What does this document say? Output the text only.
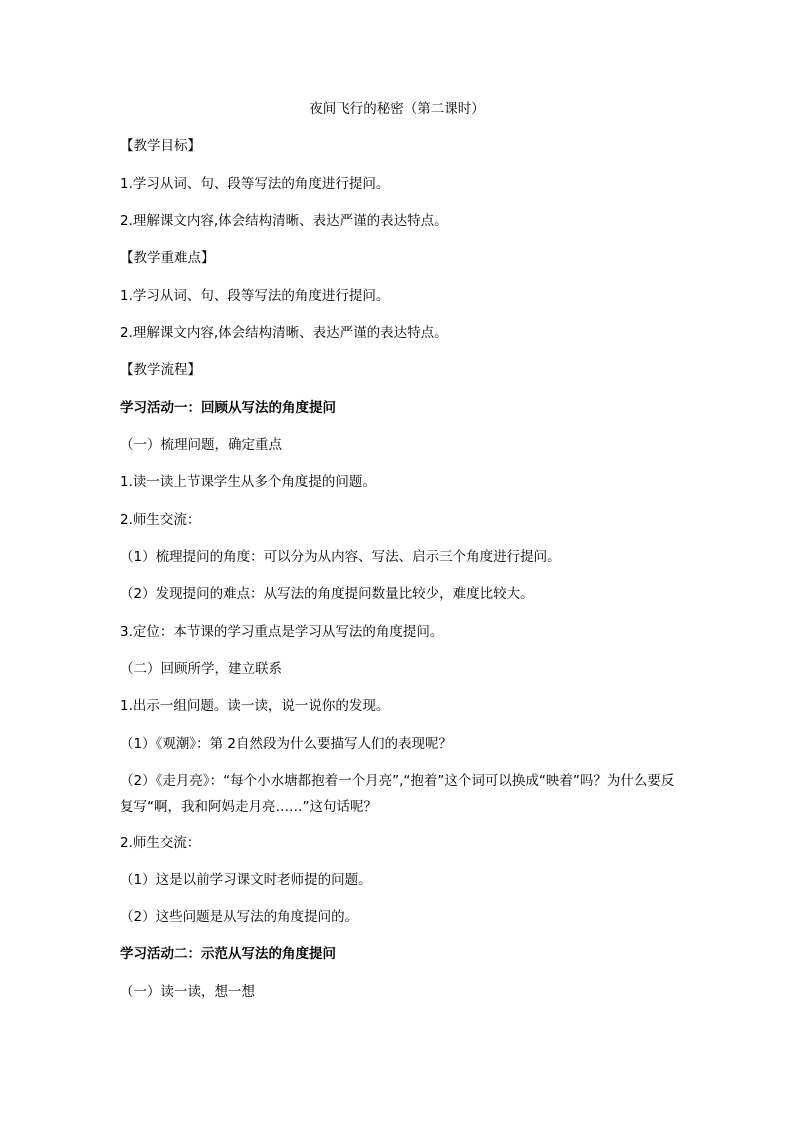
夜间飞行的秘密（第二课时）
【教学目标】
1.学习从词、句、段等写法的角度进行提问。
2.理解课文内容,体会结构清晰、表达严谨的表达特点。
【教学重难点】
1.学习从词、句、段等写法的角度进行提问。
2.理解课文内容,体会结构清晰、表达严谨的表达特点。
【教学流程】
学习活动一：回顾从写法的角度提问
（一）梳理问题，确定重点
1.读一读上节课学生从多个角度提的问题。
2.师生交流：
（1）梳理提问的角度：可以分为从内容、写法、启示三个角度进行提问。
（2）发现提问的难点：从写法的角度提问数量比较少，难度比较大。
3.定位：本节课的学习重点是学习从写法的角度提问。
（二）回顾所学，建立联系
1.出示一组问题。读一读，说一说你的发现。
（1）《观潮》：第 2自然段为什么要描写人们的表现呢？
（2）《走月亮》：“每个小水塘都抱着一个月亮”,“抱着”这个词可以换成“映着”吗？为什么要反复写“啊，我和阿妈走月亮……”这句话呢？
2.师生交流：
（1）这是以前学习课文时老师提的问题。
（2）这些问题是从写法的角度提问的。
学习活动二：示范从写法的角度提问
（一）读一读，想一想
